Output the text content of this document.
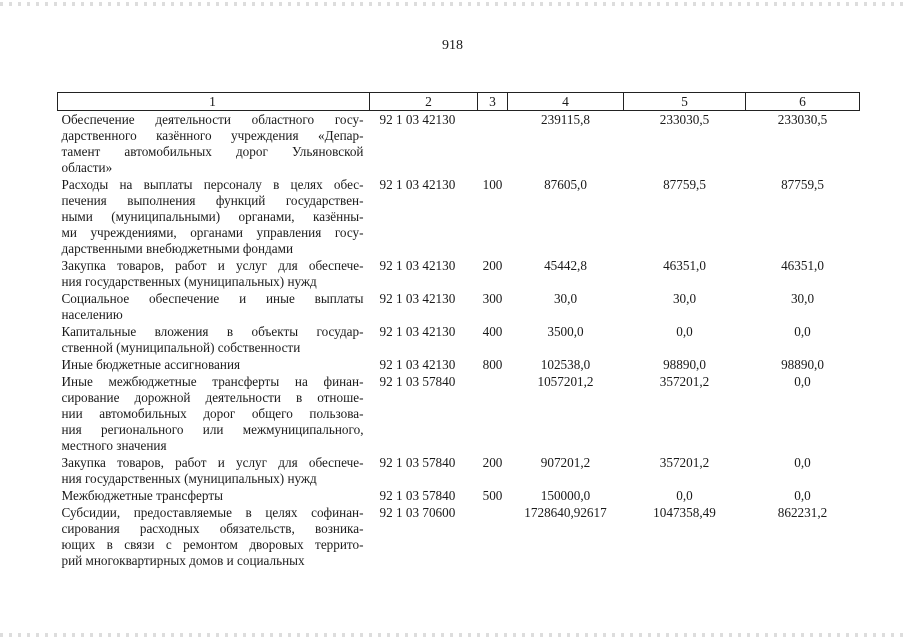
918
1	2	3	4	5	6

Обеспечение деятельности областного госу-
дарственного казённого учреждения «Депар-
тамент автомобильных дорог Ульяновской
области»	92 1 03 42130		239115,8	233030,5	233030,5

Расходы на выплаты персоналу в целях обес-
печения выполнения функций государствен-
ными (муниципальными) органами, казённы-
ми учреждениями, органами управления госу-
дарственными внебюджетными фондами	92 1 03 42130	100	87605,0	87759,5	87759,5

Закупка товаров, работ и услуг для обеспече-
ния государственных (муниципальных) нужд	92 1 03 42130	200	45442,8	46351,0	46351,0

Социальное обеспечение и иные выплаты
населению	92 1 03 42130	300	30,0	30,0	30,0

Капитальные вложения в объекты государ-
ственной (муниципальной) собственности	92 1 03 42130	400	3500,0	0,0	0,0

Иные бюджетные ассигнования	92 1 03 42130	800	102538,0	98890,0	98890,0

Иные межбюджетные трансферты на финан-
сирование дорожной деятельности в отноше-
нии автомобильных дорог общего пользова-
ния регионального или межмуниципального,
местного значения	92 1 03 57840		1057201,2	357201,2	0,0

Закупка товаров, работ и услуг для обеспече-
ния государственных (муниципальных) нужд	92 1 03 57840	200	907201,2	357201,2	0,0

Межбюджетные трансферты	92 1 03 57840	500	150000,0	0,0	0,0

Субсидии, предоставляемые в целях софинан-
сирования расходных обязательств, возника-
ющих в связи с ремонтом дворовых террито-
рий многоквартирных домов и социальных	92 1 03 70600		1728640,92617	1047358,49	862231,2
